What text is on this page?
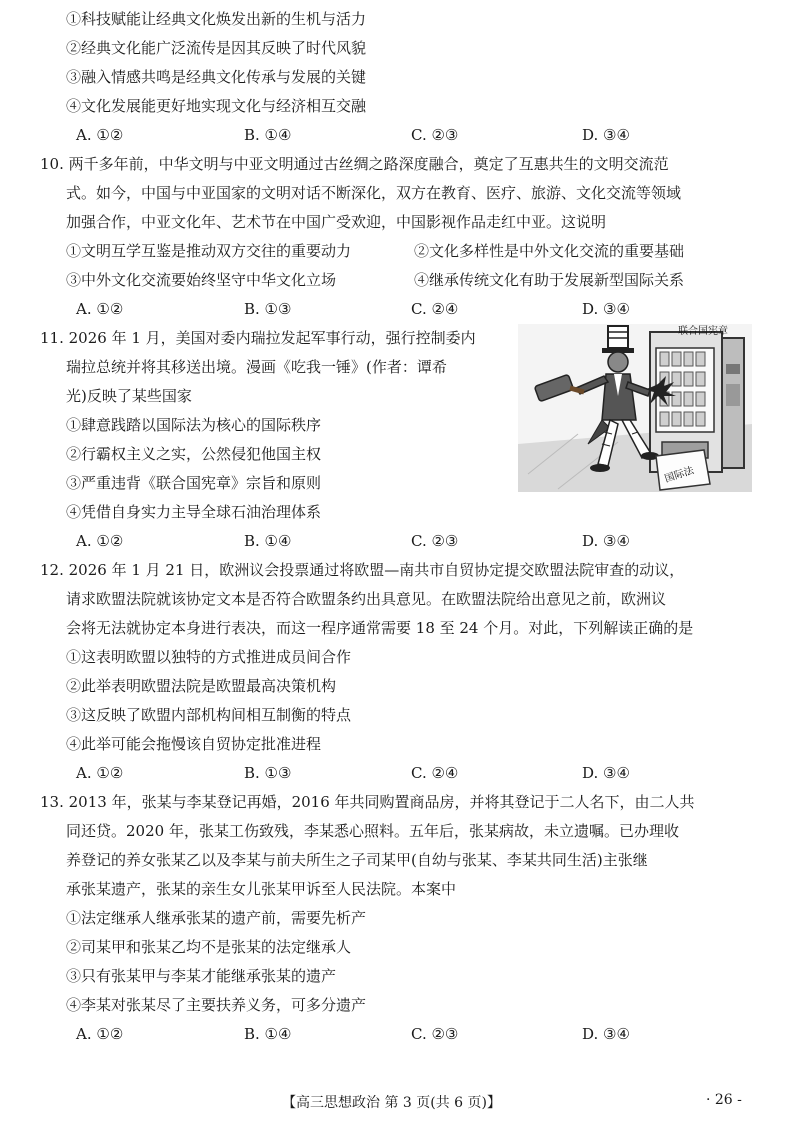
①科技赋能让经典文化焕发出新的生机与活力
②经典文化能广泛流传是因其反映了时代风貌
③融入情感共鸣是经典文化传承与发展的关键
④文化发展能更好地实现文化与经济相互交融
A. ①②	B. ①④	C. ②③	D. ③④
10. 两千多年前，中华文明与中亚文明通过古丝绸之路深度融合，奠定了互惠共生的文明交流范
式。如今，中国与中亚国家的文明对话不断深化，双方在教育、医疗、旅游、文化交流等领域
加强合作，中亚文化年、艺术节在中国广受欢迎，中国影视作品走红中亚。这说明
①文明互学互鉴是推动双方交往的重要动力	②文化多样性是中外文化交流的重要基础
③中外文化交流要始终坚守中华文化立场	④继承传统文化有助于发展新型国际关系
A. ①②	B. ①③	C. ②④	D. ③④
11. 2026 年 1 月，美国对委内瑞拉发起军事行动，强行控制委内
瑞拉总统并将其移送出境。漫画《吃我一锤》(作者：谭希
光)反映了某些国家
①肆意践踏以国际法为核心的国际秩序
②行霸权主义之实，公然侵犯他国主权
③严重违背《联合国宪章》宗旨和原则
④凭借自身实力主导全球石油治理体系
A. ①②	B. ①④	C. ②③	D. ③④
联合国宪章
国际法
12. 2026 年 1 月 21 日，欧洲议会投票通过将欧盟—南共市自贸协定提交欧盟法院审查的动议，
请求欧盟法院就该协定文本是否符合欧盟条约出具意见。在欧盟法院给出意见之前，欧洲议
会将无法就协定本身进行表决，而这一程序通常需要 18 至 24 个月。对此，下列解读正确的是
①这表明欧盟以独特的方式推进成员间合作
②此举表明欧盟法院是欧盟最高决策机构
③这反映了欧盟内部机构间相互制衡的特点
④此举可能会拖慢该自贸协定批准进程
A. ①②	B. ①③	C. ②④	D. ③④
13. 2013 年，张某与李某登记再婚，2016 年共同购置商品房，并将其登记于二人名下，由二人共
同还贷。2020 年，张某工伤致残，李某悉心照料。五年后，张某病故，未立遗嘱。已办理收
养登记的养女张某乙以及李某与前夫所生之子司某甲(自幼与张某、李某共同生活)主张继
承张某遗产，张某的亲生女儿张某甲诉至人民法院。本案中
①法定继承人继承张某的遗产前，需要先析产
②司某甲和张某乙均不是张某的法定继承人
③只有张某甲与李某才能继承张某的遗产
④李某对张某尽了主要扶养义务，可多分遗产
A. ①②	B. ①④	C. ②③	D. ③④
【高三思想政治 第 3 页(共 6 页)】	· 26 -
